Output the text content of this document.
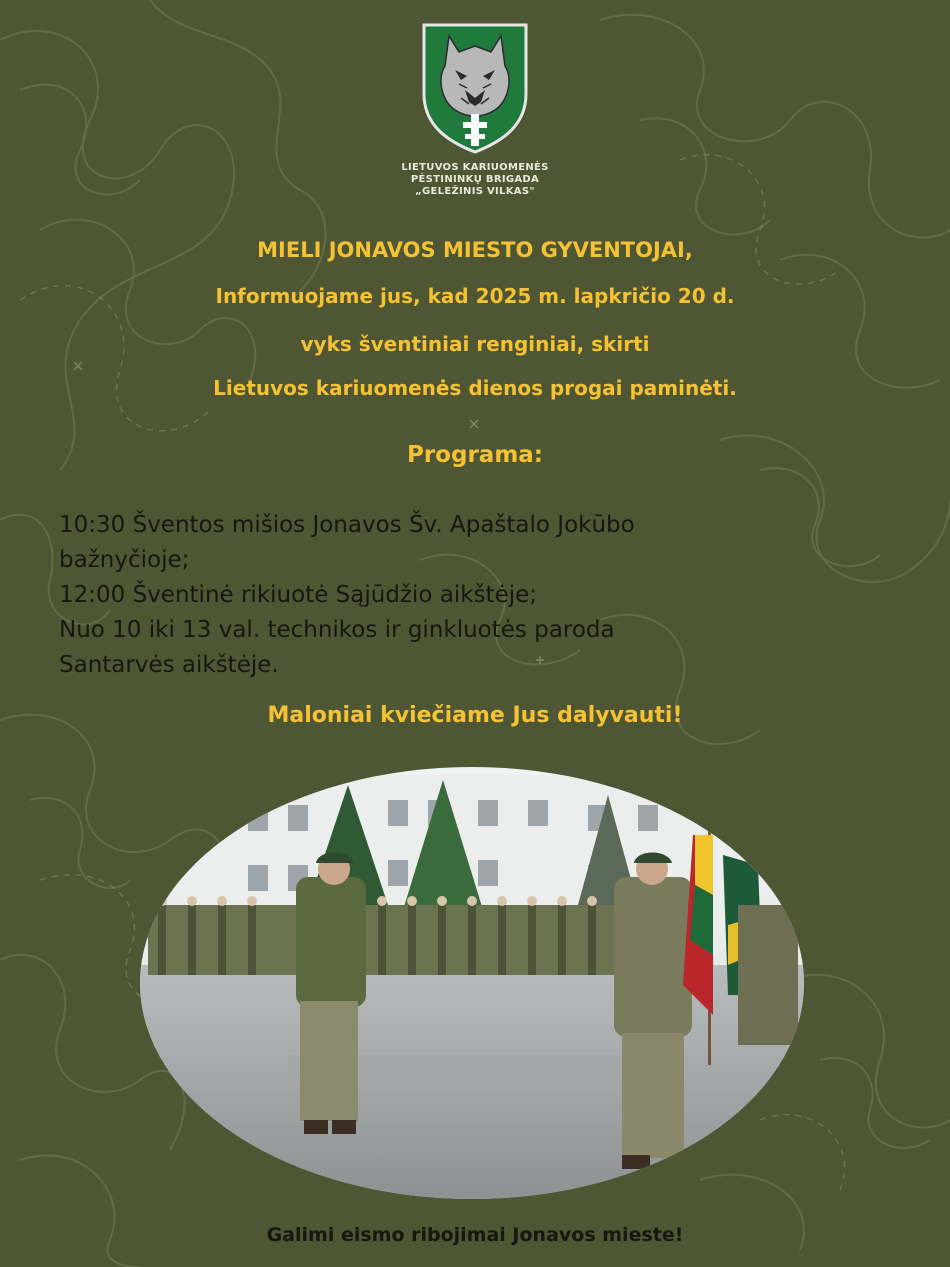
LIETUVOS KARIUOMENĖS
PĖSTININKŲ BRIGADA
„GELEŽINIS VILKAS"
MIELI JONAVOS MIESTO GYVENTOJAI,
Informuojame jus, kad 2025 m. lapkričio 20 d.
vyks šventiniai renginiai, skirti
Lietuvos kariuomenės dienos progai paminėti.
Programa:
10:30 Šventos mišios Jonavos Šv. Apaštalo Jokūbo
bažnyčioje;
12:00 Šventinė rikiuotė Sąjūdžio aikštėje;
Nuo 10 iki 13 val. technikos ir ginkluotės paroda
Santarvės aikštėje.
Maloniai kviečiame Jus dalyvauti!
Galimi eismo ribojimai Jonavos mieste!
